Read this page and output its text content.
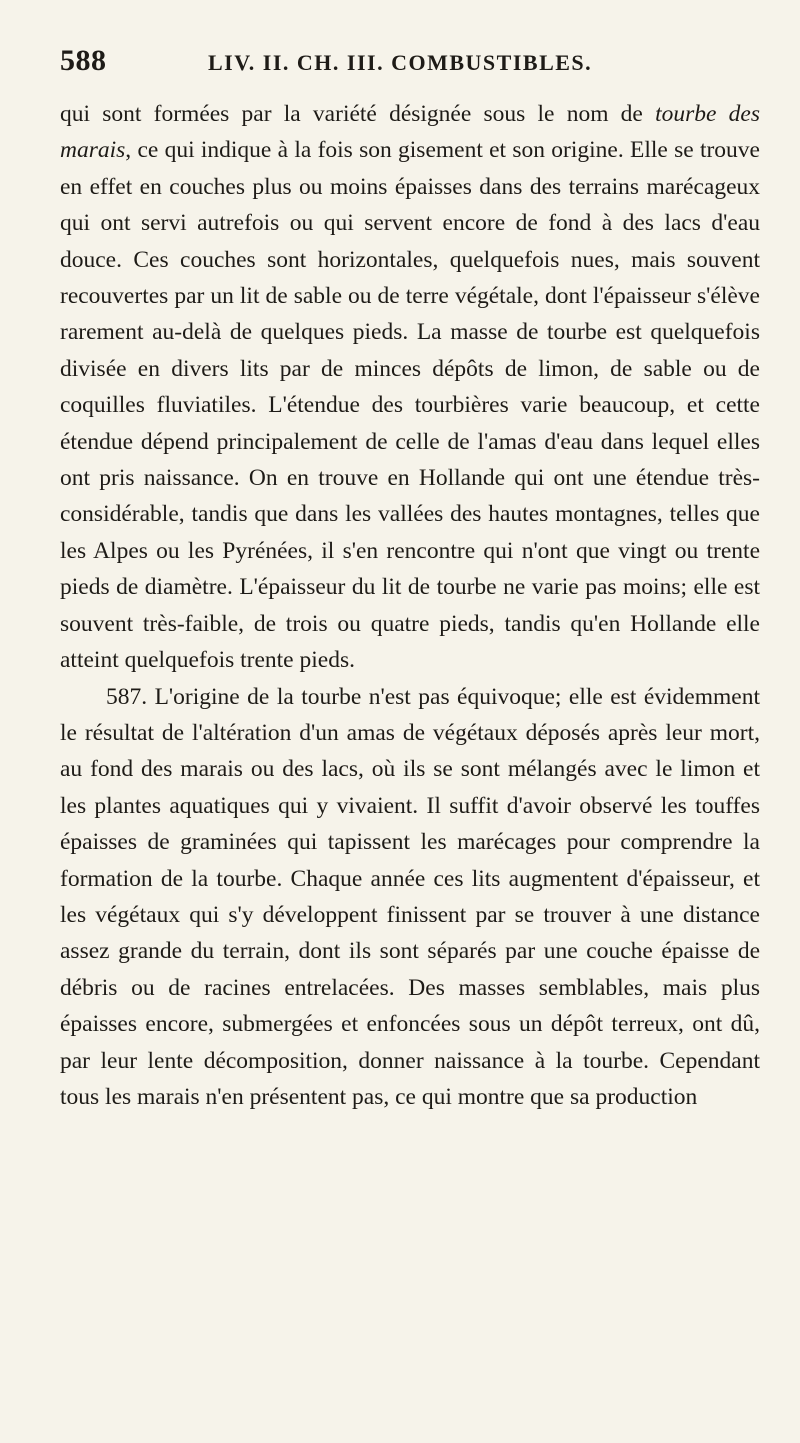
588	LIV. II. CH. III. COMBUSTIBLES.

qui sont formées par la variété désignée sous le nom de tourbe des marais, ce qui indique à la fois son gisement et son origine. Elle se trouve en effet en couches plus ou moins épaisses dans des terrains marécageux qui ont servi autrefois ou qui servent encore de fond à des lacs d'eau douce. Ces couches sont horizontales, quelquefois nues, mais souvent recouvertes par un lit de sable ou de terre végétale, dont l'épaisseur s'élève rarement au-delà de quelques pieds. La masse de tourbe est quelquefois divisée en divers lits par de minces dépôts de limon, de sable ou de coquilles fluviatiles. L'étendue des tourbières varie beaucoup, et cette étendue dépend principalement de celle de l'amas d'eau dans lequel elles ont pris naissance. On en trouve en Hollande qui ont une étendue très-considérable, tandis que dans les vallées des hautes montagnes, telles que les Alpes ou les Pyrénées, il s'en rencontre qui n'ont que vingt ou trente pieds de diamètre. L'épaisseur du lit de tourbe ne varie pas moins; elle est souvent très-faible, de trois ou quatre pieds, tandis qu'en Hollande elle atteint quelquefois trente pieds.

587. L'origine de la tourbe n'est pas équivoque; elle est évidemment le résultat de l'altération d'un amas de végétaux déposés après leur mort, au fond des marais ou des lacs, où ils se sont mélangés avec le limon et les plantes aquatiques qui y vivaient. Il suffit d'avoir observé les touffes épaisses de graminées qui tapissent les marécages pour comprendre la formation de la tourbe. Chaque année ces lits augmentent d'épaisseur, et les végétaux qui s'y développent finissent par se trouver à une distance assez grande du terrain, dont ils sont séparés par une couche épaisse de débris ou de racines entrelacées. Des masses semblables, mais plus épaisses encore, submergées et enfoncées sous un dépôt terreux, ont dû, par leur lente décomposition, donner naissance à la tourbe. Cependant tous les marais n'en présentent pas, ce qui montre que sa production
